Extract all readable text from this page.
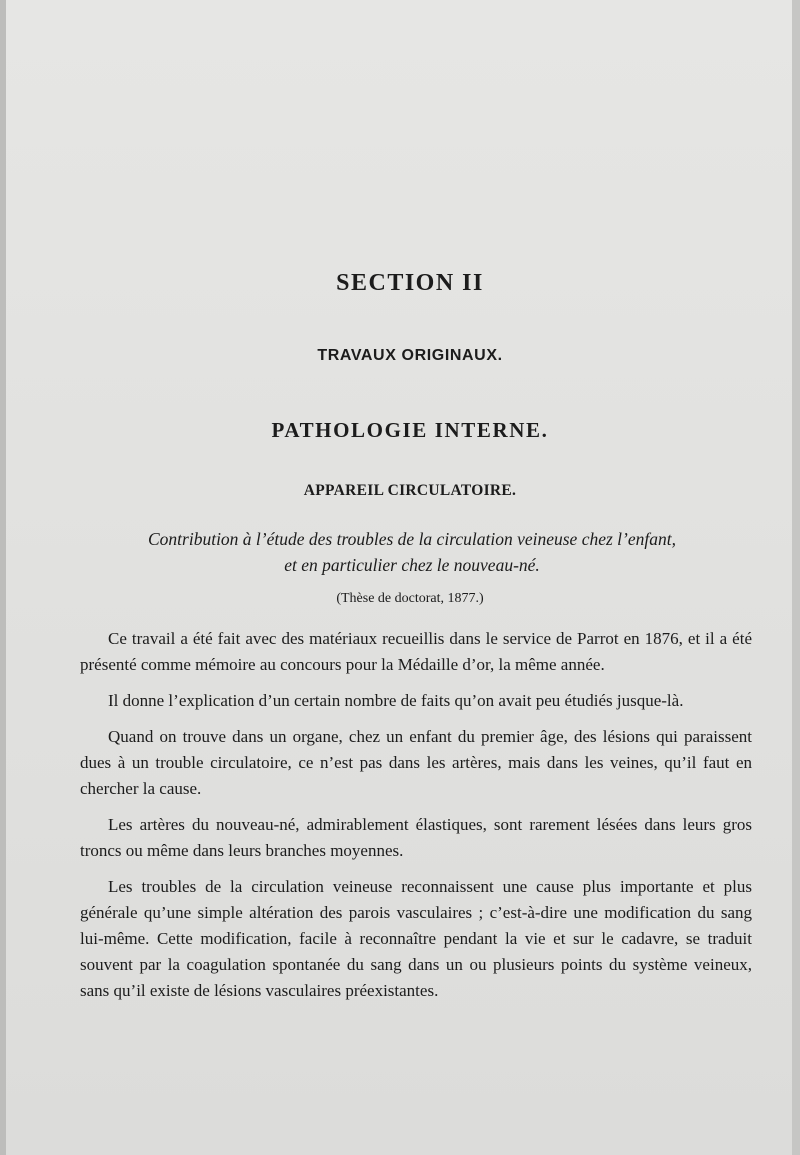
SECTION II
TRAVAUX ORIGINAUX.
PATHOLOGIE INTERNE.
APPAREIL CIRCULATOIRE.
Contribution à l’étude des troubles de la circulation veineuse chez l’enfant,
et en particulier chez le nouveau-né.
(Thèse de doctorat, 1877.)

Ce travail a été fait avec des matériaux recueillis dans le service de Parrot en 1876, et il a été présenté comme mémoire au concours pour la Médaille d’or, la même année.

Il donne l’explication d’un certain nombre de faits qu’on avait peu étudiés jusque-là.

Quand on trouve dans un organe, chez un enfant du premier âge, des lésions qui paraissent dues à un trouble circulatoire, ce n’est pas dans les artères, mais dans les veines, qu’il faut en chercher la cause.

Les artères du nouveau-né, admirablement élastiques, sont rarement lésées dans leurs gros troncs ou même dans leurs branches moyennes.

Les troubles de la circulation veineuse reconnaissent une cause plus importante et plus générale qu’une simple altération des parois vasculaires ; c’est-à-dire une modification du sang lui-même. Cette modification, facile à reconnaître pendant la vie et sur le cadavre, se traduit souvent par la coagulation spontanée du sang dans un ou plusieurs points du système veineux, sans qu’il existe de lésions vasculaires préexistantes.
